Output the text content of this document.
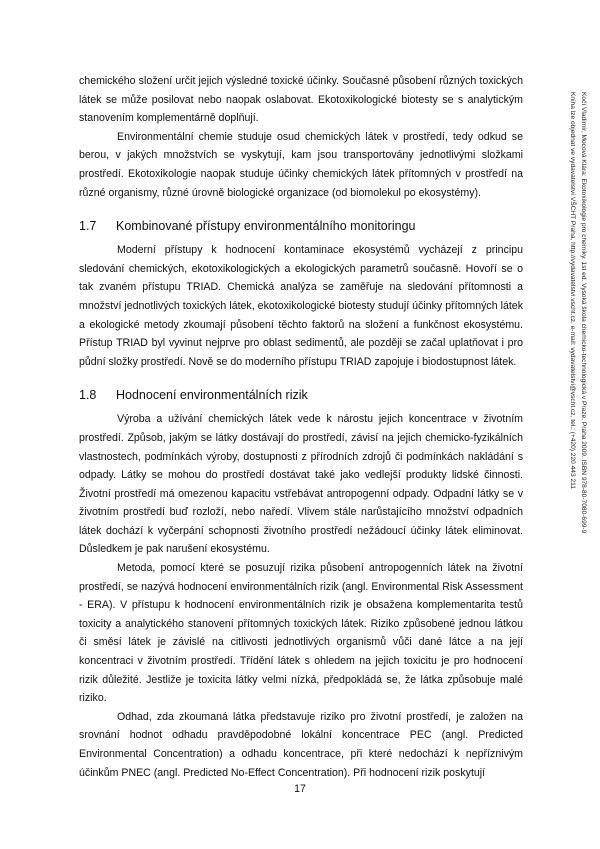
chemického složení určit jejich výsledné toxické účinky. Současné působení různých toxických látek se může posilovat nebo naopak oslabovat. Ekotoxikologické biotesty se s analytickým stanovením komplementárně doplňují.

Environmentální chemie studuje osud chemických látek v prostředí, tedy odkud se berou, v jakých množstvích se vyskytují, kam jsou transportovány jednotlivými složkami prostředí. Ekotoxikologie naopak studuje účinky chemických látek přítomných v prostředí na různé organismy, různé úrovně biologické organizace (od biomolekul po ekosystémy).

1.7	Kombinované přístupy environmentálního monitoringu

Moderní přístupy k hodnocení kontaminace ekosystémů vycházejí z principu sledování chemických, ekotoxikologických a ekologických parametrů současně. Hovoří se o tak zvaném přístupu TRIAD. Chemická analýza se zaměřuje na sledování přítomnosti a množství jednotlivých toxických látek, ekotoxikologické biotesty studují účinky přítomných látek a ekologické metody zkoumají působení těchto faktorů na složení a funkčnost ekosystému. Přístup TRIAD byl vyvinut nejprve pro oblast sedimentů, ale později se začal uplatňovat i pro půdní složky prostředí. Nově se do moderního přístupu TRIAD zapojuje i biodostupnost látek.

1.8	Hodnocení environmentálních rizik

Výroba a užívání chemických látek vede k nárostu jejich koncentrace v životním prostředí. Způsob, jakým se látky dostávají do prostředí, závisí na jejich chemicko-fyzikálních vlastnostech, podmínkách výroby, dostupnosti z přírodních zdrojů či podmínkách nakládání s odpady. Látky se mohou do prostředí dostávat také jako vedlejší produkty lidské činnosti. Životní prostředí má omezenou kapacitu vstřebávat antropogenní odpady. Odpadní látky se v životním prostředí buď rozloží, nebo naředí. Vlivem stále narůstajícího množství odpadních látek dochází k vyčerpání schopnosti životního prostředí nežádoucí účinky látek eliminovat. Důsledkem je pak narušení ekosystému.

Metoda, pomocí které se posuzují rizika působení antropogenních látek na životní prostředí, se nazývá hodnocení environmentálních rizik (angl. Environmental Risk Assessment - ERA). V přístupu k hodnocení environmentálních rizik je obsažena komplementarita testů toxicity a analytického stanovení přítomných toxických látek. Riziko způsobené jednou látkou či směsí látek je závislé na citlivosti jednotlivých organismů vůči dané látce a na její koncentraci v životním prostředí. Třídění látek s ohledem na jejich toxicitu je pro hodnocení rizik důležité. Jestliže je toxicita látky velmi nízká, předpokládá se, že látka způsobuje malé riziko.

Odhad, zda zkoumaná látka představuje riziko pro životní prostředí, je založen na srovnání hodnot odhadu pravděpodobné lokální koncentrace PEC (angl. Predicted Environmental Concentration) a odhadu koncentrace, při které nedochází k nepříznivým účinkům PNEC (angl. Predicted No-Effect Concentration). Při hodnocení rizik poskytují

Kočí Vladimír, Mocová Klára: Ekotoxikologie pro chemiky. 1st ed. Vysoká škola chemicko-technologická v Praze, Praha 2009. ISBN 978-80-7080-699-9
Kniha lze objednat ve vydavatelství VŠCHT Praha, http://vydavatelstvi.vscht.cz, e-mail: vydavatelstvi@vscht.cz, tel.: (+420) 220 443 211
17
